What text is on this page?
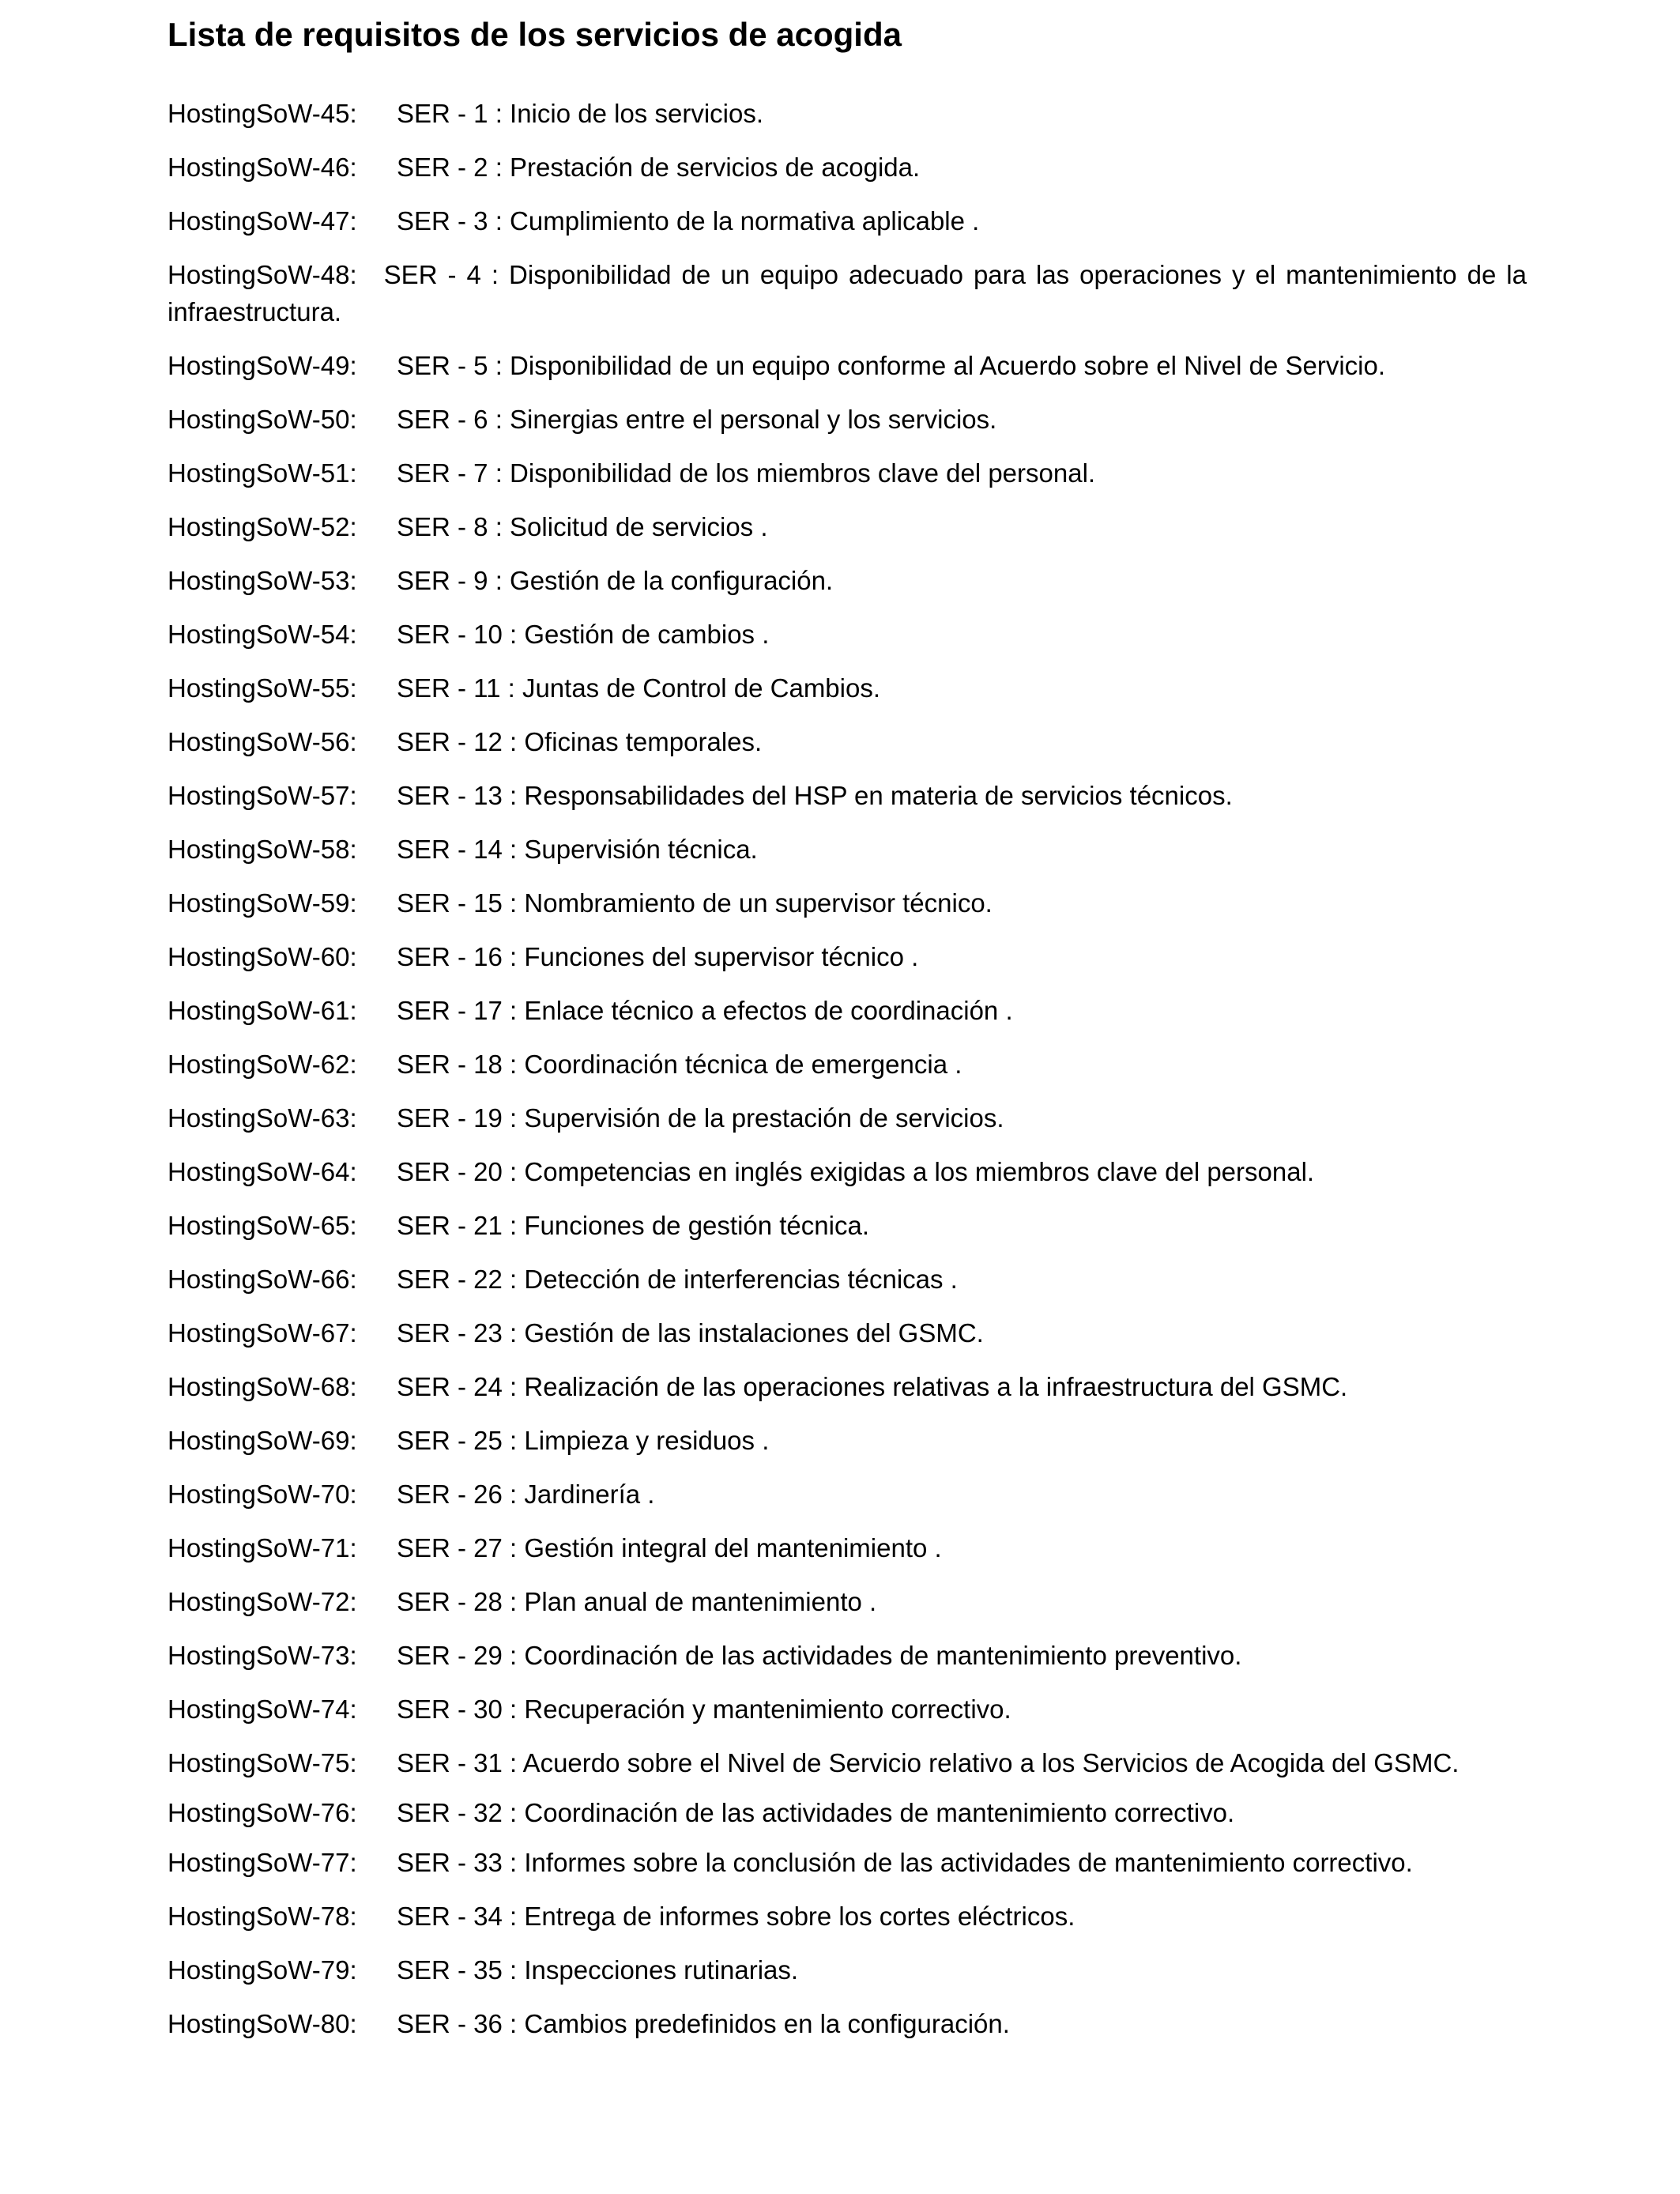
Lista de requisitos de los servicios de acogida
HostingSoW-45: SER - 1 : Inicio de los servicios.
HostingSoW-46: SER - 2 : Prestación de servicios de acogida.
HostingSoW-47: SER - 3 : Cumplimiento de la normativa aplicable .
HostingSoW-48: SER - 4 : Disponibilidad de un equipo adecuado para las operaciones y el mantenimiento de la infraestructura.
HostingSoW-49: SER - 5 : Disponibilidad de un equipo conforme al Acuerdo sobre el Nivel de Servicio.
HostingSoW-50: SER - 6 : Sinergias entre el personal y los servicios.
HostingSoW-51: SER - 7 : Disponibilidad de los miembros clave del personal.
HostingSoW-52: SER - 8 : Solicitud de servicios .
HostingSoW-53: SER - 9 : Gestión de la configuración.
HostingSoW-54: SER - 10 : Gestión de cambios .
HostingSoW-55: SER - 11 : Juntas de Control de Cambios.
HostingSoW-56: SER - 12 : Oficinas temporales.
HostingSoW-57: SER - 13 : Responsabilidades del HSP en materia de servicios técnicos.
HostingSoW-58: SER - 14 : Supervisión técnica.
HostingSoW-59: SER - 15 : Nombramiento de un supervisor técnico.
HostingSoW-60: SER - 16 : Funciones del supervisor técnico .
HostingSoW-61: SER - 17 : Enlace técnico a efectos de coordinación .
HostingSoW-62: SER - 18 : Coordinación técnica de emergencia .
HostingSoW-63: SER - 19 : Supervisión de la prestación de servicios.
HostingSoW-64: SER - 20 : Competencias en inglés exigidas a los miembros clave del personal.
HostingSoW-65: SER - 21 : Funciones de gestión técnica.
HostingSoW-66: SER - 22 : Detección de interferencias técnicas .
HostingSoW-67: SER - 23 : Gestión de las instalaciones del GSMC.
HostingSoW-68: SER - 24 : Realización de las operaciones relativas a la infraestructura del GSMC.
HostingSoW-69: SER - 25 : Limpieza y residuos .
HostingSoW-70: SER - 26 : Jardinería .
HostingSoW-71: SER - 27 : Gestión integral del mantenimiento .
HostingSoW-72: SER - 28 : Plan anual de mantenimiento .
HostingSoW-73: SER - 29 : Coordinación de las actividades de mantenimiento preventivo.
HostingSoW-74: SER - 30 : Recuperación y mantenimiento correctivo.
HostingSoW-75: SER - 31 : Acuerdo sobre el Nivel de Servicio relativo a los Servicios de Acogida del GSMC.
HostingSoW-76: SER - 32 : Coordinación de las actividades de mantenimiento correctivo.
HostingSoW-77: SER - 33 : Informes sobre la conclusión de las actividades de mantenimiento correctivo.
HostingSoW-78: SER - 34 : Entrega de informes sobre los cortes eléctricos.
HostingSoW-79: SER - 35 : Inspecciones rutinarias.
HostingSoW-80: SER - 36 : Cambios predefinidos en la configuración.
